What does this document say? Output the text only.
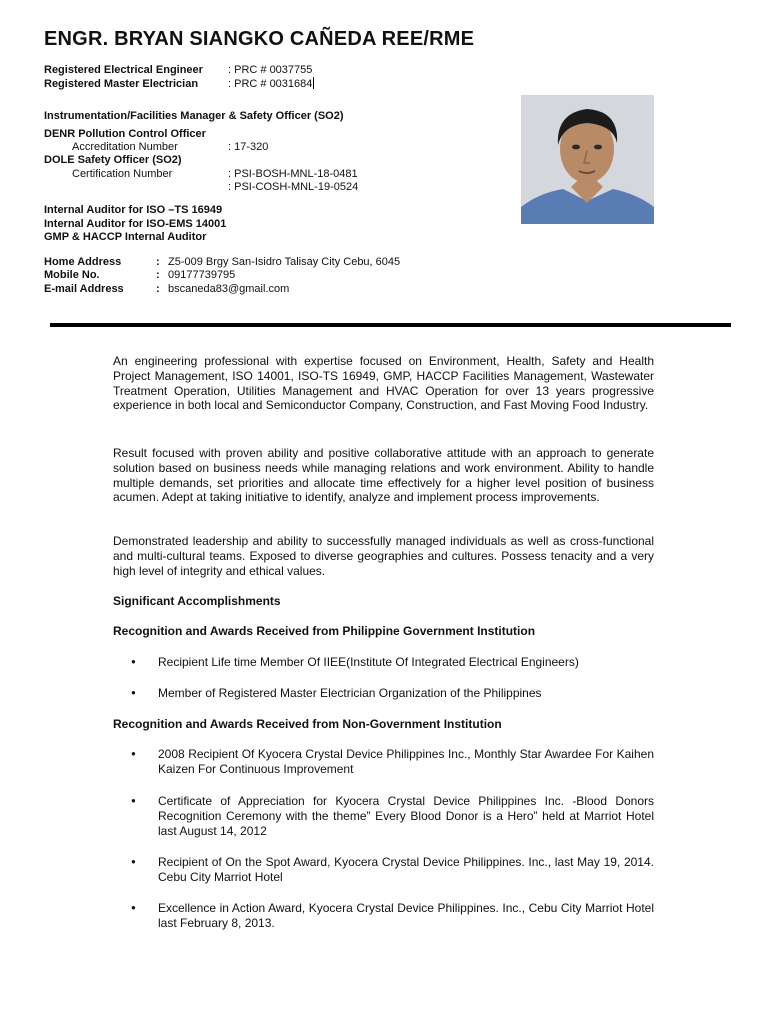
ENGR. BRYAN SIANGKO CAÑEDA REE/RME
Registered Electrical Engineer : PRC # 0037755
Registered Master Electrician	: PRC # 0031684
Instrumentation/Facilities Manager & Safety Officer (SO2)
DENR Pollution Control Officer
Accreditation Number	: 17-320
DOLE Safety Officer (SO2)
Certification Number	: PSI-BOSH-MNL-18-0481
: PSI-COSH-MNL-19-0524
Internal Auditor for ISO –TS 16949
Internal Auditor for ISO-EMS 14001
GMP & HACCP Internal Auditor
Home Address	: Z5-009 Brgy San-Isidro Talisay City Cebu, 6045
Mobile No.	: 09177739795
E-mail Address	: bscaneda83@gmail.com

An engineering professional with expertise focused on Environment, Health, Safety and Health Project Management, ISO 14001, ISO-TS 16949, GMP, HACCP Facilities Management, Wastewater Treatment Operation, Utilities Management and HVAC Operation for over 13 years progressive experience in both local and Semiconductor Company, Construction, and Fast Moving Food Industry.

Result focused with proven ability and positive collaborative attitude with an approach to generate solution based on business needs while managing relations and work environment. Ability to handle multiple demands, set priorities and allocate time effectively for a higher level position of business acumen. Adept at taking initiative to identify, analyze and implement process improvements.

Demonstrated leadership and ability to successfully managed individuals as well as cross-functional and multi-cultural teams. Exposed to diverse geographies and cultures. Possess tenacity and a very high level of integrity and ethical values.

Significant Accomplishments
Recognition and Awards Received from Philippine Government Institution
●	Recipient Life time Member Of IIEE(Institute Of Integrated Electrical Engineers)
●	Member of Registered Master Electrician Organization of the Philippines
Recognition and Awards Received from Non-Government Institution
●	2008 Recipient Of Kyocera Crystal Device Philippines Inc., Monthly Star Awardee For Kaihen Kaizen For Continuous Improvement
●	Certificate of Appreciation for Kyocera Crystal Device Philippines Inc. -Blood Donors Recognition Ceremony with the theme” Every Blood Donor is a Hero” held at Marriot Hotel last August 14, 2012
●	Recipient of On the Spot Award, Kyocera Crystal Device Philippines. Inc., last May 19, 2014. Cebu City Marriot Hotel
●	Excellence in Action Award, Kyocera Crystal Device Philippines. Inc., Cebu City Marriot Hotel last February 8, 2013.
